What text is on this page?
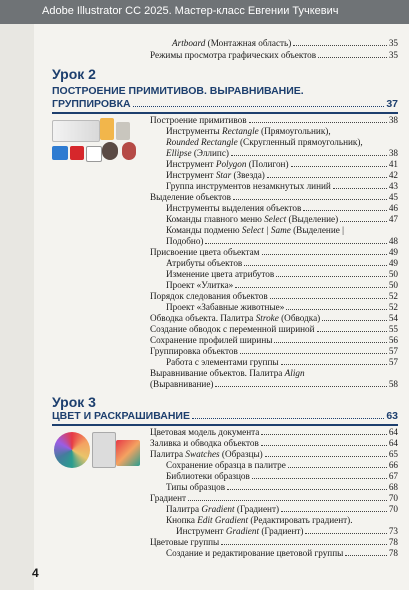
Adobe Illustrator CC 2025. Мастер-класс Евгении Тучкевич
Artboard (Монтажная область)	35
Режимы просмотра графических объектов	35
Урок 2
ПОСТРОЕНИЕ ПРИМИТИВОВ. ВЫРАВНИВАНИЕ.
ГРУППИРОВКА	37
Построение примитивов	38
Инструменты Rectangle (Прямоугольник),
Rounded Rectangle (Скругленный прямоугольник),
Ellipse (Эллипс)	38
Инструмент Polygon (Полигон)	41
Инструмент Star (Звезда)	42
Группа инструментов незамкнутых линий	43
Выделение объектов	45
Инструменты выделения объектов	46
Команды главного меню Select (Выделение)	47
Команды подменю Select | Same (Выделение |
Подобно)	48
Присвоение цвета объектам	49
Атрибуты объектов	49
Изменение цвета атрибутов	50
Проект «Улитка»	50
Порядок следования объектов	52
Проект «Забавные животные»	52
Обводка объекта. Палитра Stroke (Обводка)	54
Создание обводок с переменной шириной	55
Сохранение профилей ширины	56
Группировка объектов	57
Работа с элементами группы	57
Выравнивание объектов. Палитра Align
(Выравнивание)	58
Урок 3
ЦВЕТ И РАСКРАШИВАНИЕ	63
Цветовая модель документа	64
Заливка и обводка объектов	64
Палитра Swatches (Образцы)	65
Сохранение образца в палитре	66
Библиотеки образцов	67
Типы образцов	68
Градиент	70
Палитра Gradient (Градиент)	70
Кнопка Edit Gradient (Редактировать градиент).
Инструмент Gradient (Градиент)	73
Цветовые группы	78
Создание и редактирование цветовой группы	78
4
